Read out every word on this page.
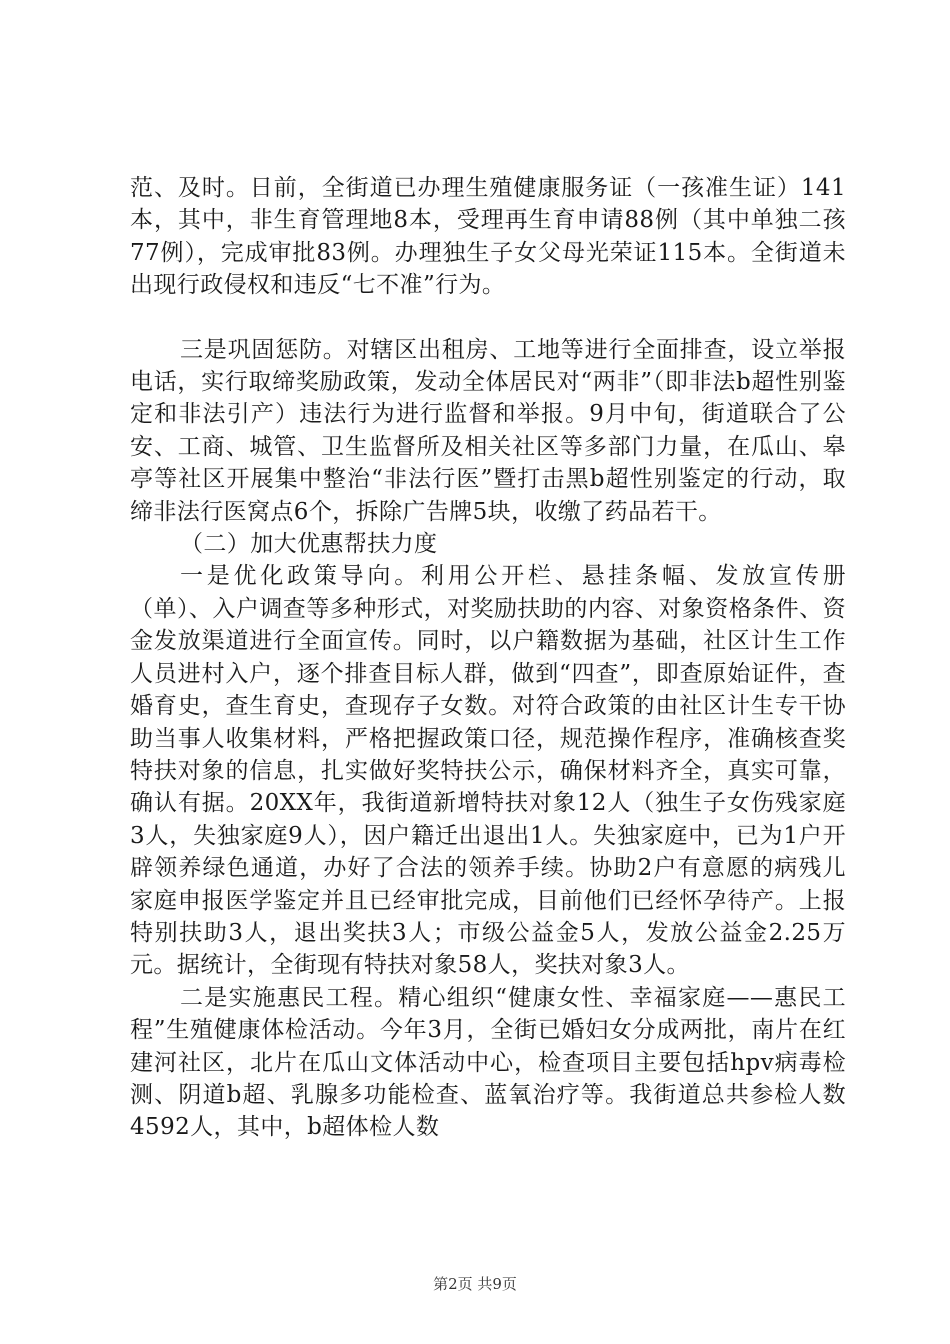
范、及时。日前，全街道已办理生殖健康服务证（一孩准生证）141本，其中，非生育管理地8本，受理再生育申请88例（其中单独二孩77例），完成审批83例。办理独生子女父母光荣证115本。全街道未出现行政侵权和违反“七不准”行为。

三是巩固惩防。对辖区出租房、工地等进行全面排查，设立举报电话，实行取缔奖励政策，发动全体居民对“两非”（即非法b超性别鉴定和非法引产）违法行为进行监督和举报。9月中旬，街道联合了公安、工商、城管、卫生监督所及相关社区等多部门力量，在瓜山、皋亭等社区开展集中整治“非法行医”暨打击黑b超性别鉴定的行动，取缔非法行医窝点6个，拆除广告牌5块，收缴了药品若干。

（二）加大优惠帮扶力度

一是优化政策导向。利用公开栏、悬挂条幅、发放宣传册（单）、入户调查等多种形式，对奖励扶助的内容、对象资格条件、资金发放渠道进行全面宣传。同时，以户籍数据为基础，社区计生工作人员进村入户，逐个排查目标人群，做到“四查”，即查原始证件，查婚育史，查生育史，查现存子女数。对符合政策的由社区计生专干协助当事人收集材料，严格把握政策口径，规范操作程序，准确核查奖特扶对象的信息，扎实做好奖特扶公示，确保材料齐全，真实可靠，确认有据。20XX年，我街道新增特扶对象12人（独生子女伤残家庭3人，失独家庭9人），因户籍迁出退出1人。失独家庭中，已为1户开辟领养绿色通道，办好了合法的领养手续。协助2户有意愿的病残儿家庭申报医学鉴定并且已经审批完成，目前他们已经怀孕待产。上报特别扶助3人，退出奖扶3人；市级公益金5人，发放公益金2.25万元。据统计，全街现有特扶对象58人，奖扶对象3人。

二是实施惠民工程。精心组织“健康女性、幸福家庭——惠民工程”生殖健康体检活动。今年3月，全街已婚妇女分成两批，南片在红建河社区，北片在瓜山文体活动中心，检查项目主要包括hpv病毒检测、阴道b超、乳腺多功能检查、蓝氧治疗等。我街道总共参检人数4592人，其中，b超体检人数

第2页 共9页
